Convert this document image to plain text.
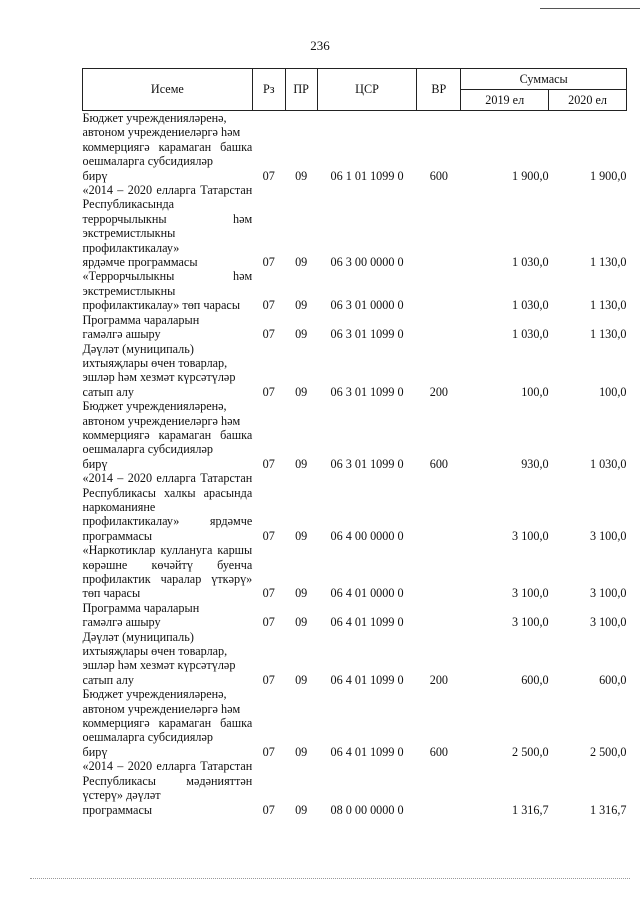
236
Исеме	Рз	ПР	ЦСР	ВР	Суммасы	
					2019 ел	2020 ел

Бюджет учрежденияләренә,
автоном учреждениеләргә һәм
коммерциягә карамаган башка оешмаларга субсидияләр
бирү	07	09	06 1 01 1099 0	600	1 900,0	1 900,0

«2014 – 2020 елларга Татарстан Республикасында террорчылыкны һәм экстремистлыкны профилактикалау»
ярдәмче программасы	07	09	06 3 00 0000 0		1 030,0	1 130,0

«Террорчылыкны һәм экстремистлыкны профилактикалау» төп чарасы	07	09	06 3 01 0000 0		1 030,0	1 130,0

Программа чараларын
гамәлгә ашыру	07	09	06 3 01 1099 0		1 030,0	1 130,0

Дәүләт (муниципаль)
ихтыяҗлары өчен товарлар,
эшләр һәм хезмәт күрсәтүләр
сатып алу	07	09	06 3 01 1099 0	200	100,0	100,0

Бюджет учрежденияләренә,
автоном учреждениеләргә һәм
коммерциягә карамаган башка оешмаларга субсидияләр
бирү	07	09	06 3 01 1099 0	600	930,0	1 030,0

«2014 – 2020 елларга Татарстан Республикасы халкы арасында наркоманияне профилактикалау» ярдәмче программасы	07	09	06 4 00 0000 0		3 100,0	3 100,0

«Наркотиклар куллануга каршы көрәшне көчәйтү буенча профилактик чаралар үткәрү» төп чарасы	07	09	06 4 01 0000 0		3 100,0	3 100,0

Программа чараларын
гамәлгә ашыру	07	09	06 4 01 1099 0		3 100,0	3 100,0

Дәүләт (муниципаль)
ихтыяҗлары өчен товарлар,
эшләр һәм хезмәт күрсәтүләр
сатып алу	07	09	06 4 01 1099 0	200	600,0	600,0

Бюджет учрежденияләренә,
автоном учреждениеләргә һәм
коммерциягә карамаган башка оешмаларга субсидияләр
бирү	07	09	06 4 01 1099 0	600	2 500,0	2 500,0

«2014 – 2020 елларга Татарстан Республикасы мәдәнияттән үстерү» дәүләт
программасы	07	09	08 0 00 0000 0		1 316,7	1 316,7
